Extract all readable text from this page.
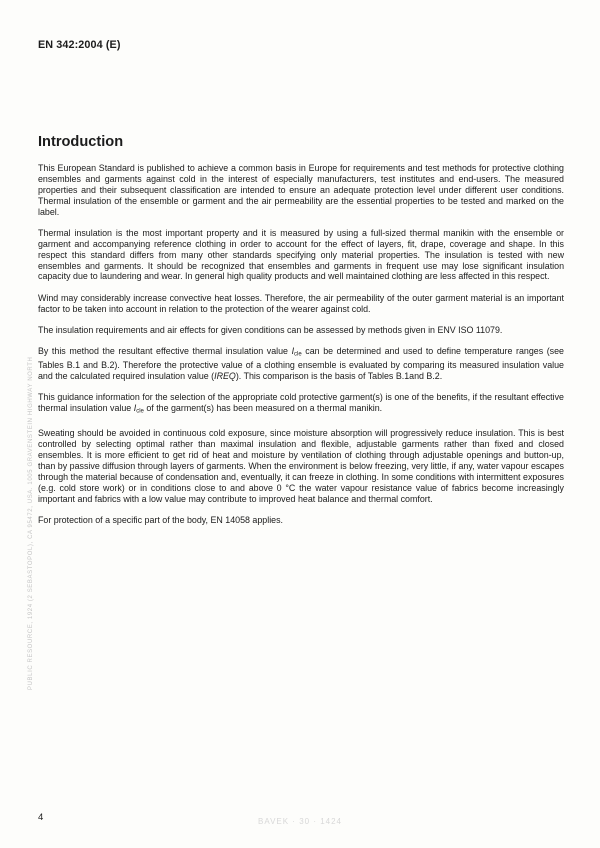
EN 342:2004 (E)
Introduction

This European Standard is published to achieve a common basis in Europe for requirements and test methods for protective clothing ensembles and garments against cold in the interest of especially manufacturers, test institutes and end-users. The measured properties and their subsequent classification are intended to ensure an adequate protection level under different user conditions. Thermal insulation of the ensemble or garment and the air permeability are the essential properties to be tested and marked on the label.

Thermal insulation is the most important property and it is measured by using a full-sized thermal manikin with the ensemble or garment and accompanying reference clothing in order to account for the effect of layers, fit, drape, coverage and shape. In this respect this standard differs from many other standards specifying only material properties. The insulation is tested with new ensembles and garments. It should be recognized that ensembles and garments in frequent use may lose significant insulation capacity due to laundering and wear. In general high quality products and well maintained clothing are less affected in this respect.

Wind may considerably increase convective heat losses. Therefore, the air permeability of the outer garment material is an important factor to be taken into account in relation to the protection of the wearer against cold.

The insulation requirements and air effects for given conditions can be assessed by methods given in ENV ISO 11079.

By this method the resultant effective thermal insulation value $I_{cle}$ can be determined and used to define temperature ranges (see Tables B.1 and B.2). Therefore the protective value of a clothing ensemble is evaluated by comparing its measured insulation value and the calculated required insulation value (IREQ). This comparison is the basis of Tables B.1and B.2.

This guidance information for the selection of the appropriate cold protective garment(s) is one of the benefits, if the resultant effective thermal insulation value $I_{cle}$ of the garment(s) has been measured on a thermal manikin.

Sweating should be avoided in continuous cold exposure, since moisture absorption will progressively reduce insulation. This is best controlled by selecting optimal rather than maximal insulation and flexible, adjustable garments rather than fixed and closed ensembles. It is more efficient to get rid of heat and moisture by ventilation of clothing through adjustable openings and button-up, than by passive diffusion through layers of garments. When the environment is below freezing, very little, if any, water vapour escapes through the material because of condensation and, eventually, it can freeze in clothing. In some conditions with intermittent exposures (e.g. cold store work) or in conditions close to and above 0 °C the water vapour resistance value of fabrics become increasingly important and fabrics with a low value may contribute to improved heat balance and thermal comfort.

For protection of a specific part of the body, EN 14058 applies.

4
PUBLIC RESOURCE, 1924 (2 SEBASTOPOL), CA 95472, USA. 1005 GRAVENSTEIN HIGHWAY NORTH
BAVEK · 30 · 1424
